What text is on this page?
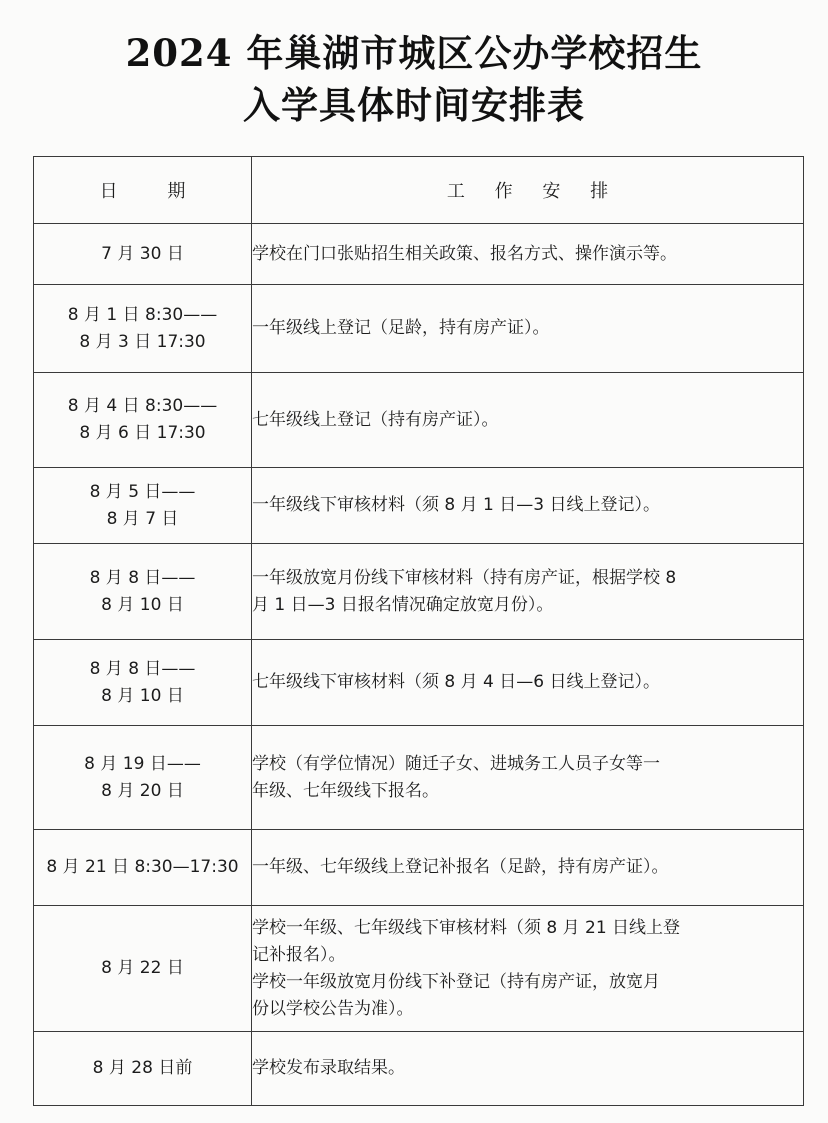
2024 年巢湖市城区公办学校招生
入学具体时间安排表
日 期	工 作 安 排

7 月 30 日	学校在门口张贴招生相关政策、报名方式、操作演示等。

8 月 1 日 8:30——
8 月 3 日 17:30	一年级线上登记（足龄，持有房产证）。

8 月 4 日 8:30——
8 月 6 日 17:30	七年级线上登记（持有房产证）。

8 月 5 日——
8 月 7 日	一年级线下审核材料（须 8 月 1 日—3 日线上登记）。

8 月 8 日——
8 月 10 日	一年级放宽月份线下审核材料（持有房产证，根据学校 8
月 1 日—3 日报名情况确定放宽月份）。

8 月 8 日——
8 月 10 日	七年级线下审核材料（须 8 月 4 日—6 日线上登记）。

8 月 19 日——
8 月 20 日	学校（有学位情况）随迁子女、进城务工人员子女等一
年级、七年级线下报名。

8 月 21 日 8:30—17:30	一年级、七年级线上登记补报名（足龄，持有房产证）。

8 月 22 日	学校一年级、七年级线下审核材料（须 8 月 21 日线上登
记补报名）。
学校一年级放宽月份线下补登记（持有房产证，放宽月
份以学校公告为准）。

8 月 28 日前	学校发布录取结果。
